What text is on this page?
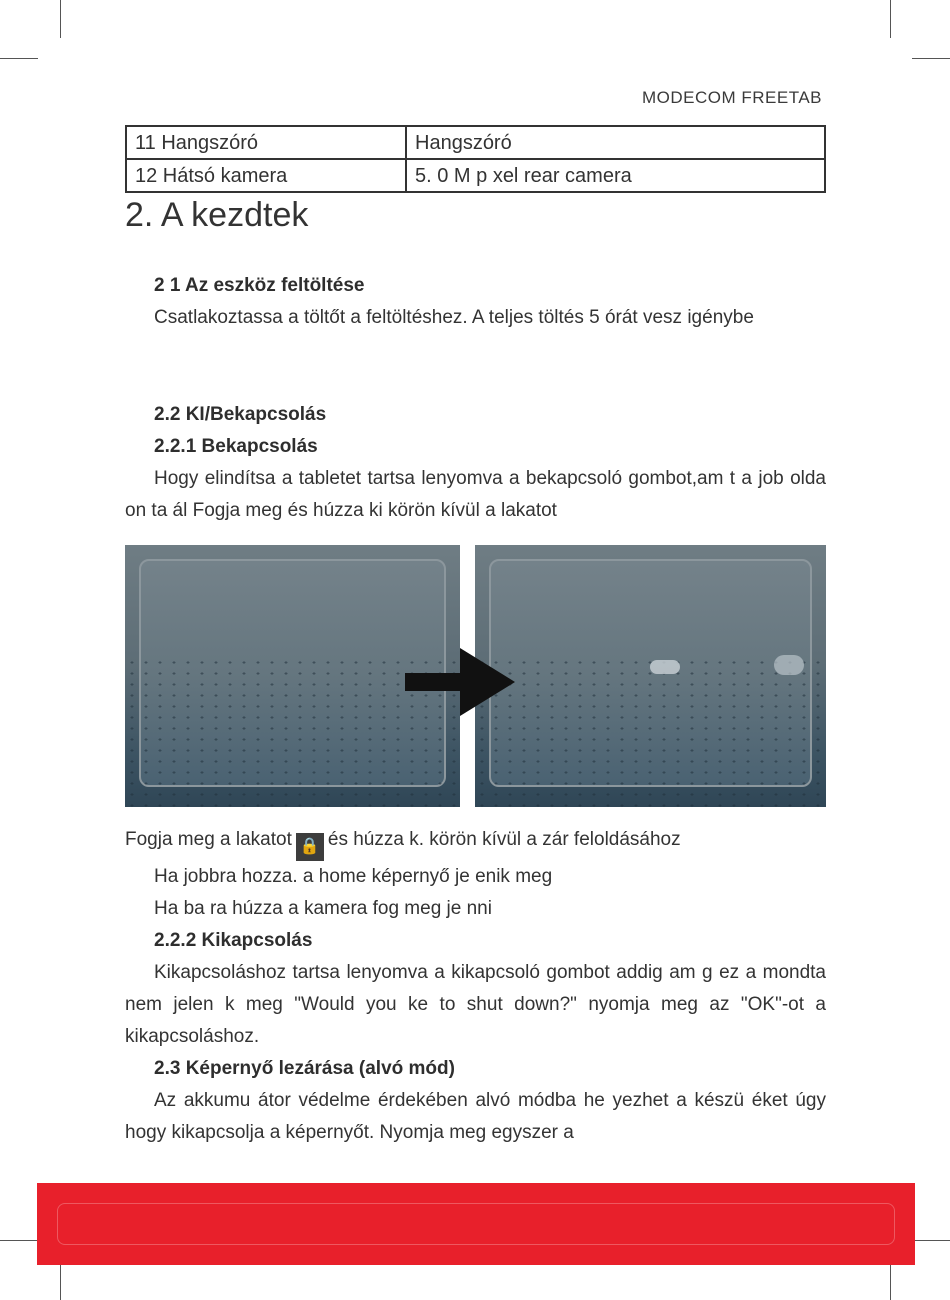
MODECOM FREETAB
11 Hangszóró	Hangszóró
12 Hátsó kamera	5. 0 M p xel rear camera
2. A kezdtek
2 1 Az eszköz feltöltése
Csatlakoztassa a töltőt a feltöltéshez. A teljes töltés 5 órát vesz igénybe
2.2 KI/Bekapcsolás
2.2.1 Bekapcsolás
Hogy elindítsa a tabletet tartsa lenyomva a bekapcsoló gombot,am t a job olda on ta ál Fogja meg és húzza ki körön kívül a lakatot
Fogja meg a lakatot 🔒 és húzza k. körön kívül a zár feloldásához
Ha jobbra hozza. a home képernyő je enik meg
Ha ba ra húzza a kamera fog meg je nni
2.2.2 Kikapcsolás
Kikapcsoláshoz tartsa lenyomva a kikapcsoló gombot addig am g ez a mondta nem jelen k meg "Would you ke to shut down?" nyomja meg az "OK"-ot a kikapcsoláshoz.
2.3 Képernyő lezárása (alvó mód)
Az akkumu átor védelme érdekében alvó módba he yezhet a készü éket úgy hogy kikapcsolja a képernyőt. Nyomja meg egyszer a
